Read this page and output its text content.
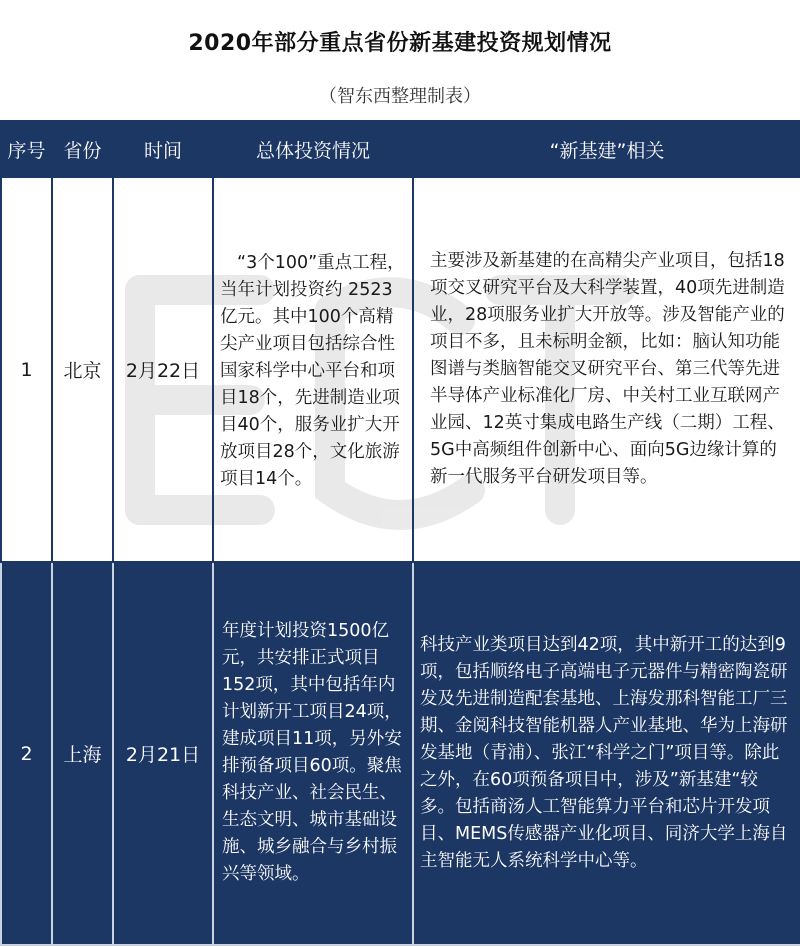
2020年部分重点省份新基建投资规划情况
（智东西整理制表）
序号	省份	时间	总体投资情况	“新基建”相关
1	北京	2月22日	“3个100”重点工程，当年计划投资约 2523 亿元。其中100个高精尖产业项目包括综合性国家科学中心平台和项目18个，先进制造业项目40个，服务业扩大开放项目28个，文化旅游项目14个。	主要涉及新基建的在高精尖产业项目，包括18项交叉研究平台及大科学装置，40项先进制造业，28项服务业扩大开放等。涉及智能产业的项目不多，且未标明金额，比如：脑认知功能图谱与类脑智能交叉研究平台、第三代等先进半导体产业标准化厂房、中关村工业互联网产业园、12英寸集成电路生产线（二期）工程、5G中高频组件创新中心、面向5G边缘计算的新一代服务平台研发项目等。
2	上海	2月21日	年度计划投资1500亿元，共安排正式项目152项，其中包括年内计划新开工项目24项，建成项目11项，另外安排预备项目60项。聚焦科技产业、社会民生、生态文明、城市基础设施、城乡融合与乡村振兴等领域。	科技产业类项目达到42项，其中新开工的达到9项，包括顺络电子高端电子元器件与精密陶瓷研发及先进制造配套基地、上海发那科智能工厂三期、金阅科技智能机器人产业基地、华为上海研发基地（青浦）、张江“科学之门”项目等。除此之外，在60项预备项目中，涉及”新基建“较多。包括商汤人工智能算力平台和芯片开发项目、MEMS传感器产业化项目、同济大学上海自主智能无人系统科学中心等。
